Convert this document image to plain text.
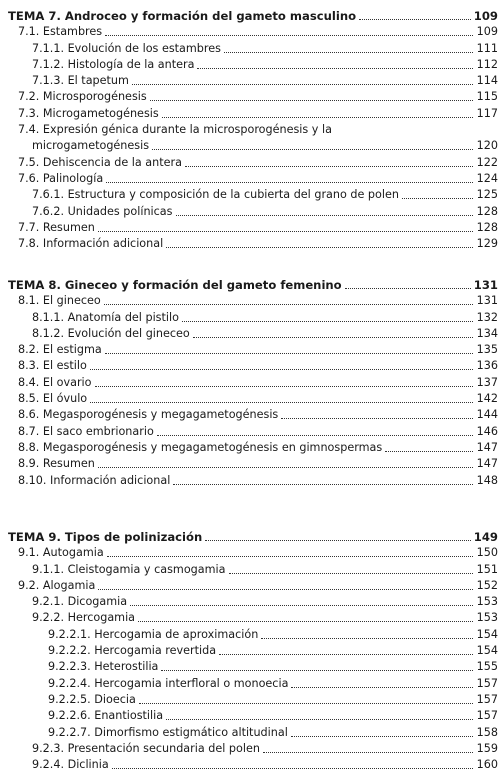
TEMA 7. Androceo y formación del gameto masculino	109
7.1. Estambres	109
7.1.1. Evolución de los estambres	111
7.1.2. Histología de la antera	112
7.1.3. El tapetum	114
7.2. Microsporogénesis	115
7.3. Microgametogénesis	117
7.4. Expresión génica durante la microsporogénesis y la
microgametogénesis	120
7.5. Dehiscencia de la antera	122
7.6. Palinología	124
7.6.1. Estructura y composición de la cubierta del grano de polen	125
7.6.2. Unidades polínicas	128
7.7. Resumen	128
7.8. Información adicional	129
TEMA 8. Gineceo y formación del gameto femenino	131
8.1. El gineceo	131
8.1.1. Anatomía del pistilo	132
8.1.2. Evolución del gineceo	134
8.2. El estigma	135
8.3. El estilo	136
8.4. El ovario	137
8.5. El óvulo	142
8.6. Megasporogénesis y megagametogénesis	144
8.7. El saco embrionario	146
8.8. Megasporogénesis y megagametogénesis en gimnospermas	147
8.9. Resumen	147
8.10. Información adicional	148
TEMA 9. Tipos de polinización	149
9.1. Autogamia	150
9.1.1. Cleistogamia y casmogamia	151
9.2. Alogamia	152
9.2.1. Dicogamia	153
9.2.2. Hercogamia	153
9.2.2.1. Hercogamia de aproximación	154
9.2.2.2. Hercogamia revertida	154
9.2.2.3. Heterostilia	155
9.2.2.4. Hercogamia interfloral o monoecia	157
9.2.2.5. Dioecia	157
9.2.2.6. Enantiostilia	157
9.2.2.7. Dimorfismo estigmático altitudinal	158
9.2.3. Presentación secundaria del polen	159
9.2.4. Diclinia	160
